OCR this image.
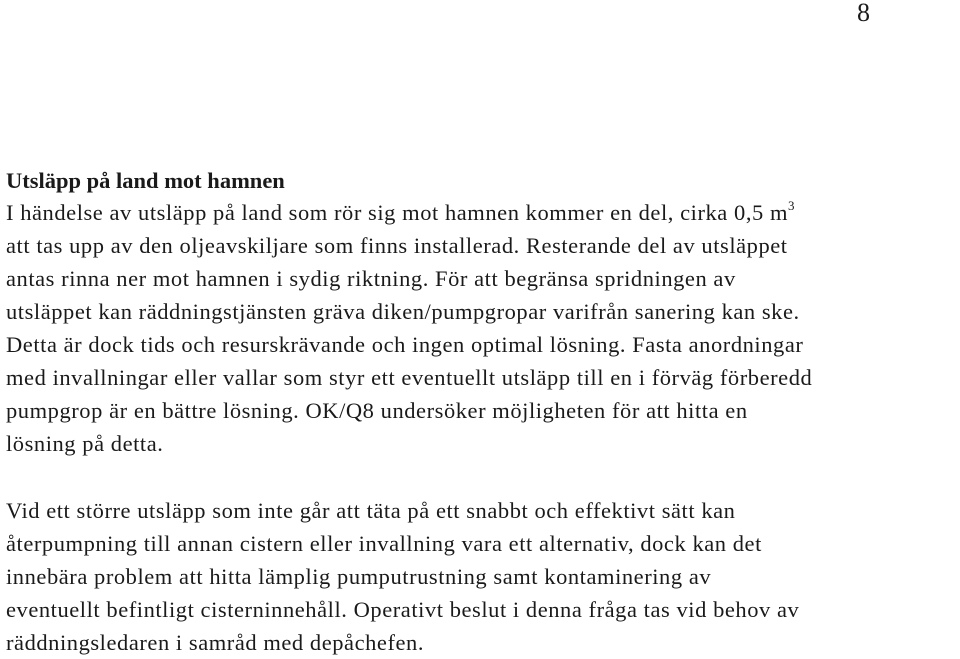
8
Utsläpp på land mot hamnen
I händelse av utsläpp på land som rör sig mot hamnen kommer en del, cirka 0,5 $m^3$
att tas upp av den oljeavskiljare som finns installerad. Resterande del av utsläppet
antas rinna ner mot hamnen i sydig riktning. För att begränsa spridningen av
utsläppet kan räddningstjänsten gräva diken/pumpgropar varifrån sanering kan ske.
Detta är dock tids och resurskrävande och ingen optimal lösning. Fasta anordningar
med invallningar eller vallar som styr ett eventuellt utsläpp till en i förväg förberedd
pumpgrop är en bättre lösning. OK/Q8 undersöker möjligheten för att hitta en
lösning på detta.
Vid ett större utsläpp som inte går att täta på ett snabbt och effektivt sätt kan
återpumpning till annan cistern eller invallning vara ett alternativ, dock kan det
innebära problem att hitta lämplig pumputrustning samt kontaminering av
eventuellt befintligt cisterninnehåll. Operativt beslut i denna fråga tas vid behov av
räddningsledaren i samråd med depåchefen.
